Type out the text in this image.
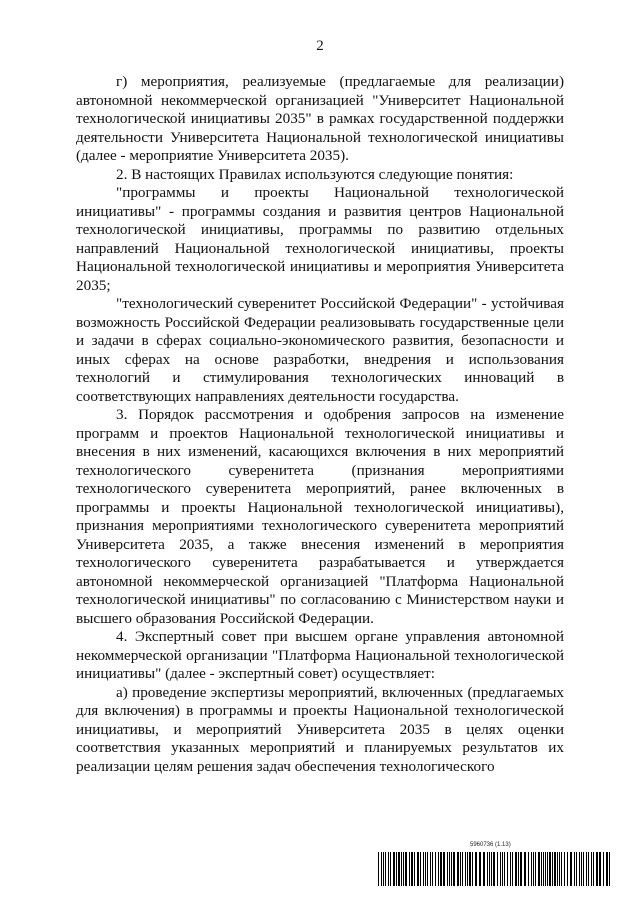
2

г) мероприятия, реализуемые (предлагаемые для реализации) автономной некоммерческой организацией "Университет Национальной технологической инициативы 2035" в рамках государственной поддержки деятельности Университета Национальной технологической инициативы (далее - мероприятие Университета 2035).

2. В настоящих Правилах используются следующие понятия:

"программы и проекты Национальной технологической инициативы" - программы создания и развития центров Национальной технологической инициативы, программы по развитию отдельных направлений Национальной технологической инициативы, проекты Национальной технологической инициативы и мероприятия Университета 2035;

"технологический суверенитет Российской Федерации" - устойчивая возможность Российской Федерации реализовывать государственные цели и задачи в сферах социально-экономического развития, безопасности и иных сферах на основе разработки, внедрения и использования технологий и стимулирования технологических инноваций в соответствующих направлениях деятельности государства.

3. Порядок рассмотрения и одобрения запросов на изменение программ и проектов Национальной технологической инициативы и внесения в них изменений, касающихся включения в них мероприятий технологического суверенитета (признания мероприятиями технологического суверенитета мероприятий, ранее включенных в программы и проекты Национальной технологической инициативы), признания мероприятиями технологического суверенитета мероприятий Университета 2035, а также внесения изменений в мероприятия технологического суверенитета разрабатывается и утверждается автономной некоммерческой организацией "Платформа Национальной технологической инициативы" по согласованию с Министерством науки и высшего образования Российской Федерации.

4. Экспертный совет при высшем органе управления автономной некоммерческой организации "Платформа Национальной технологической инициативы" (далее - экспертный совет) осуществляет:

а) проведение экспертизы мероприятий, включенных (предлагаемых для включения) в программы и проекты Национальной технологической инициативы, и мероприятий Университета 2035 в целях оценки соответствия указанных мероприятий и планируемых результатов их реализации целям решения задач обеспечения технологического

5960736 (1.13)
